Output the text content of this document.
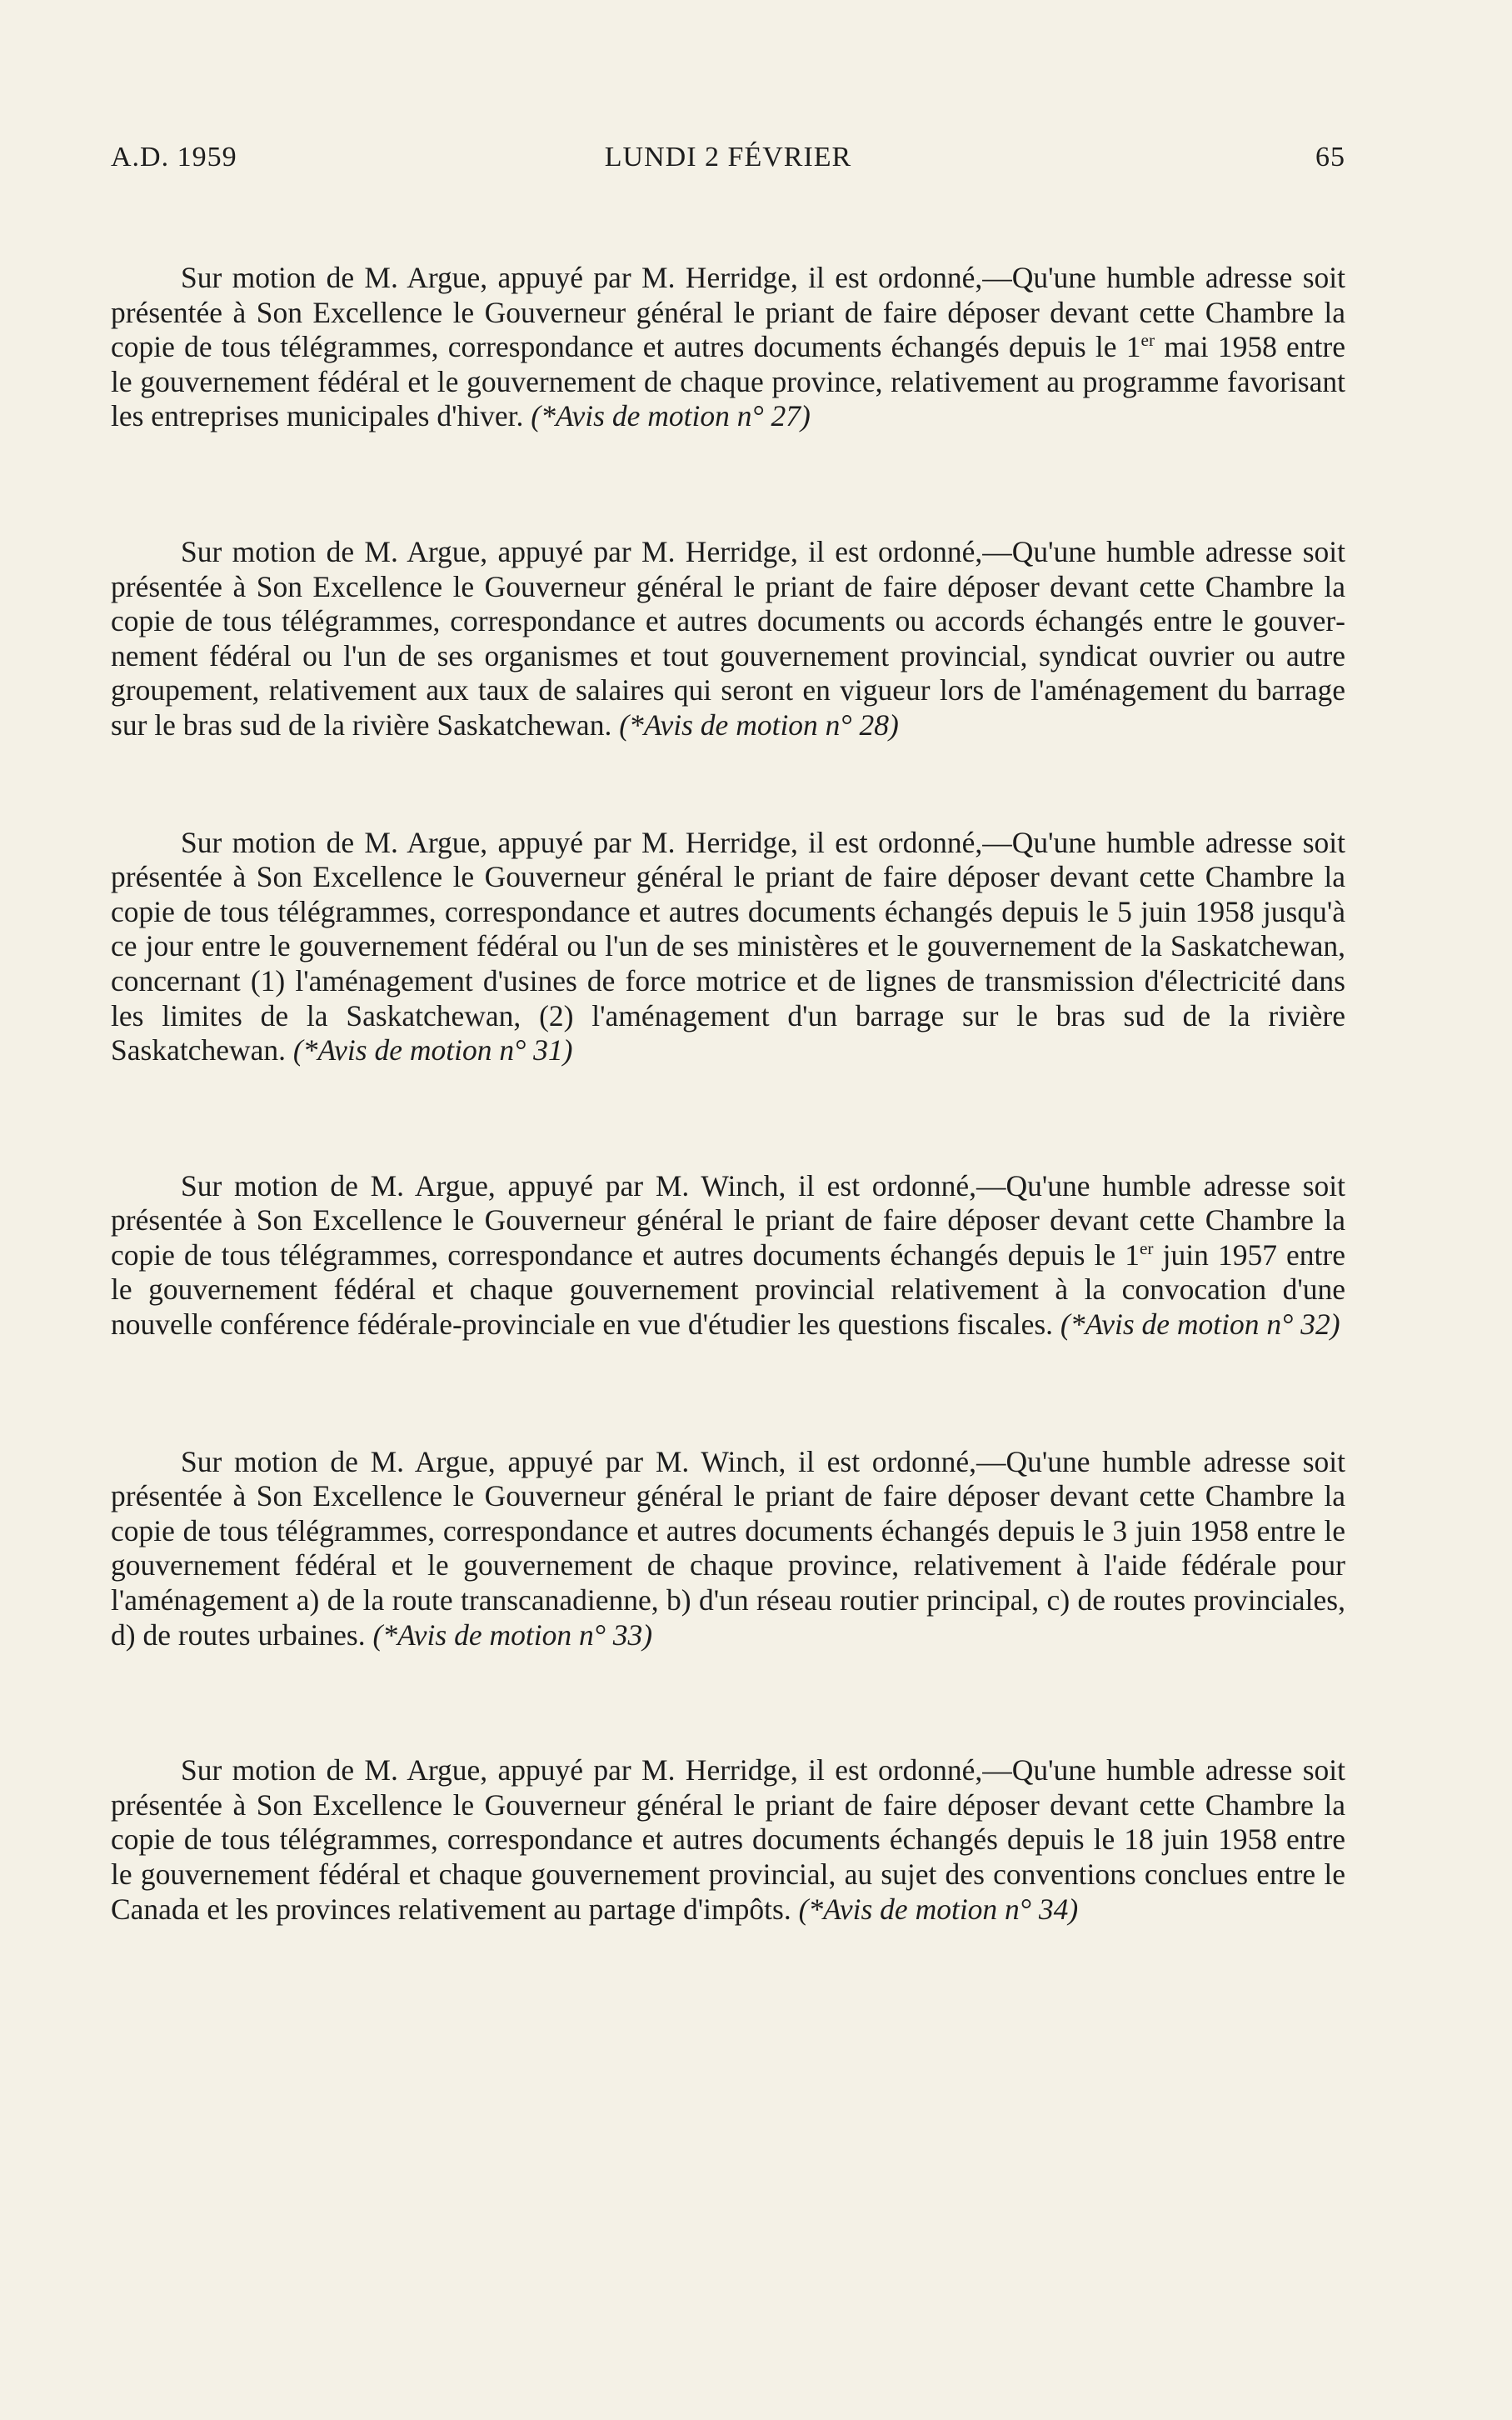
A.D. 1959	LUNDI 2 FÉVRIER	65

Sur motion de M. Argue, appuyé par M. Herridge, il est ordonné,—Qu'une humble adresse soit présentée à Son Excellence le Gouverneur général le priant de faire déposer devant cette Chambre la copie de tous télégrammes, correspondance et autres documents échangés depuis le 1er mai 1958 entre le gouvernement fédéral et le gouvernement de chaque province, relativement au programme favorisant les entreprises municipales d'hiver. (*Avis de motion n° 27)

Sur motion de M. Argue, appuyé par M. Herridge, il est ordonné,—Qu'une humble adresse soit présentée à Son Excellence le Gouverneur général le priant de faire déposer devant cette Chambre la copie de tous télégrammes, correspondance et autres documents ou accords échangés entre le gouvernement fédéral ou l'un de ses organismes et tout gouvernement provincial, syndicat ouvrier ou autre groupement, relativement aux taux de salaires qui seront en vigueur lors de l'aménagement du barrage sur le bras sud de la rivière Saskatchewan. (*Avis de motion n° 28)

Sur motion de M. Argue, appuyé par M. Herridge, il est ordonné,—Qu'une humble adresse soit présentée à Son Excellence le Gouverneur général le priant de faire déposer devant cette Chambre la copie de tous télégrammes, correspondance et autres documents échangés depuis le 5 juin 1958 jusqu'à ce jour entre le gouvernement fédéral ou l'un de ses ministères et le gouvernement de la Saskatchewan, concernant (1) l'aménagement d'usines de force motrice et de lignes de transmission d'électricité dans les limites de la Saskatchewan, (2) l'aménagement d'un barrage sur le bras sud de la rivière Saskatchewan. (*Avis de motion n° 31)

Sur motion de M. Argue, appuyé par M. Winch, il est ordonné,—Qu'une humble adresse soit présentée à Son Excellence le Gouverneur général le priant de faire déposer devant cette Chambre la copie de tous télégrammes, correspondance et autres documents échangés depuis le 1er juin 1957 entre le gouvernement fédéral et chaque gouvernement provincial relativement à la convocation d'une nouvelle conférence fédérale-provinciale en vue d'étudier les questions fiscales. (*Avis de motion n° 32)

Sur motion de M. Argue, appuyé par M. Winch, il est ordonné,—Qu'une humble adresse soit présentée à Son Excellence le Gouverneur général le priant de faire déposer devant cette Chambre la copie de tous télégrammes, correspondance et autres documents échangés depuis le 3 juin 1958 entre le gouvernement fédéral et le gouvernement de chaque province, relativement à l'aide fédérale pour l'aménagement a) de la route transcanadienne, b) d'un réseau routier principal, c) de routes provinciales, d) de routes urbaines. (*Avis de motion n° 33)

Sur motion de M. Argue, appuyé par M. Herridge, il est ordonné,—Qu'une humble adresse soit présentée à Son Excellence le Gouverneur général le priant de faire déposer devant cette Chambre la copie de tous télégrammes, correspondance et autres documents échangés depuis le 18 juin 1958 entre le gouvernement fédéral et chaque gouvernement provincial, au sujet des conventions conclues entre le Canada et les provinces relativement au partage d'impôts. (*Avis de motion n° 34)
